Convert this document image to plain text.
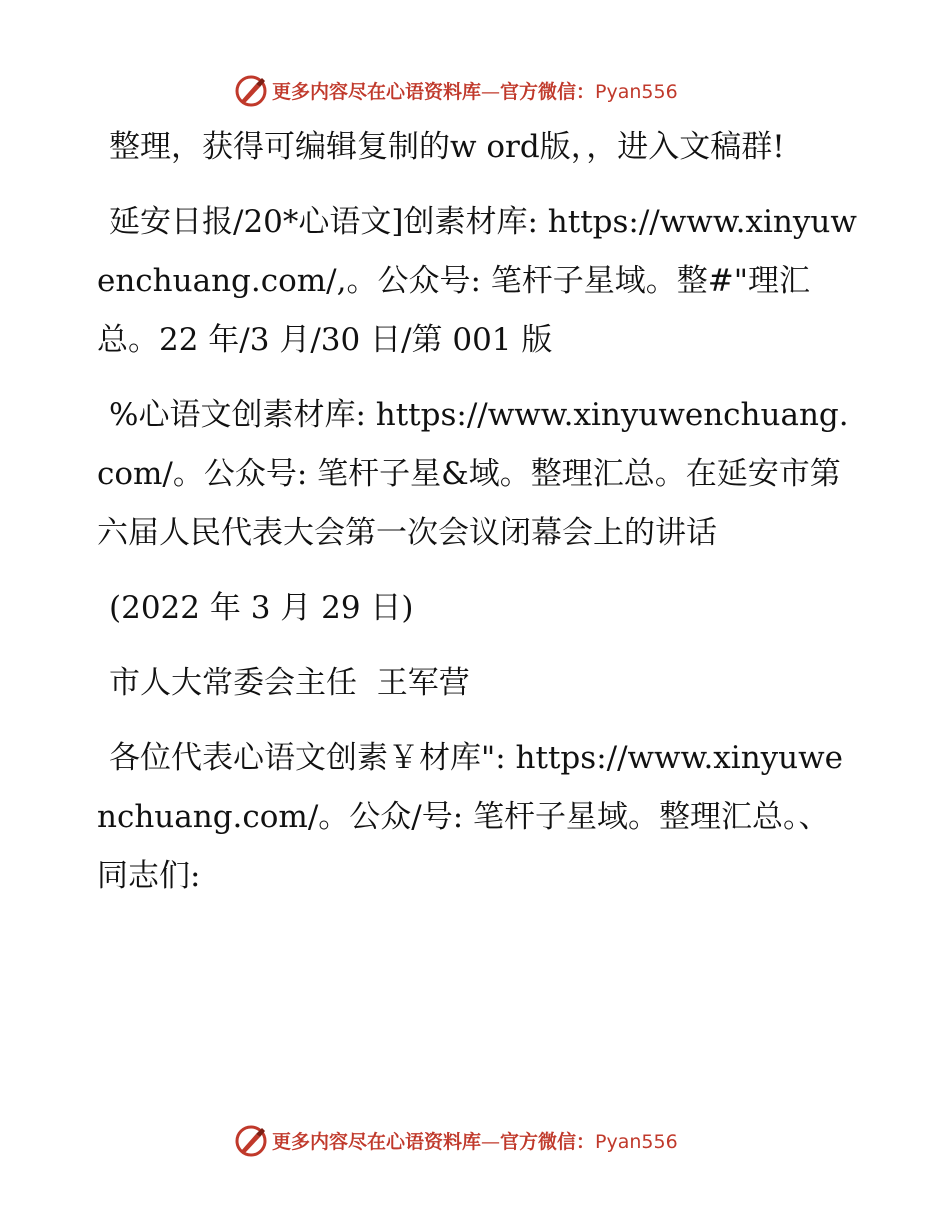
更多内容尽在心语资料库—官方微信：Pyan556

整理，获得可编辑复制的w ord版，，进入文稿群!

延安日报/20*心语文]创素材库: https://www.xinyuwenchuang.com/,。公众号: 笔杆子星域。整#"理汇总。22 年/3 月/30 日/第 001 版

%心语文创素材库: https://www.xinyuwenchuang.com/。公众号: 笔杆子星&域。整理汇总。在延安市第六届人民代表大会第一次会议闭幕会上的讲话

(2022 年 3 月 29 日)

市人大常委会主任  王军营

各位代表心语文创素￥材库": https://www.xinyuwenchuang.com/。公众/号: 笔杆子星域。整理汇总。、同志们:

更多内容尽在心语资料库—官方微信：Pyan556
